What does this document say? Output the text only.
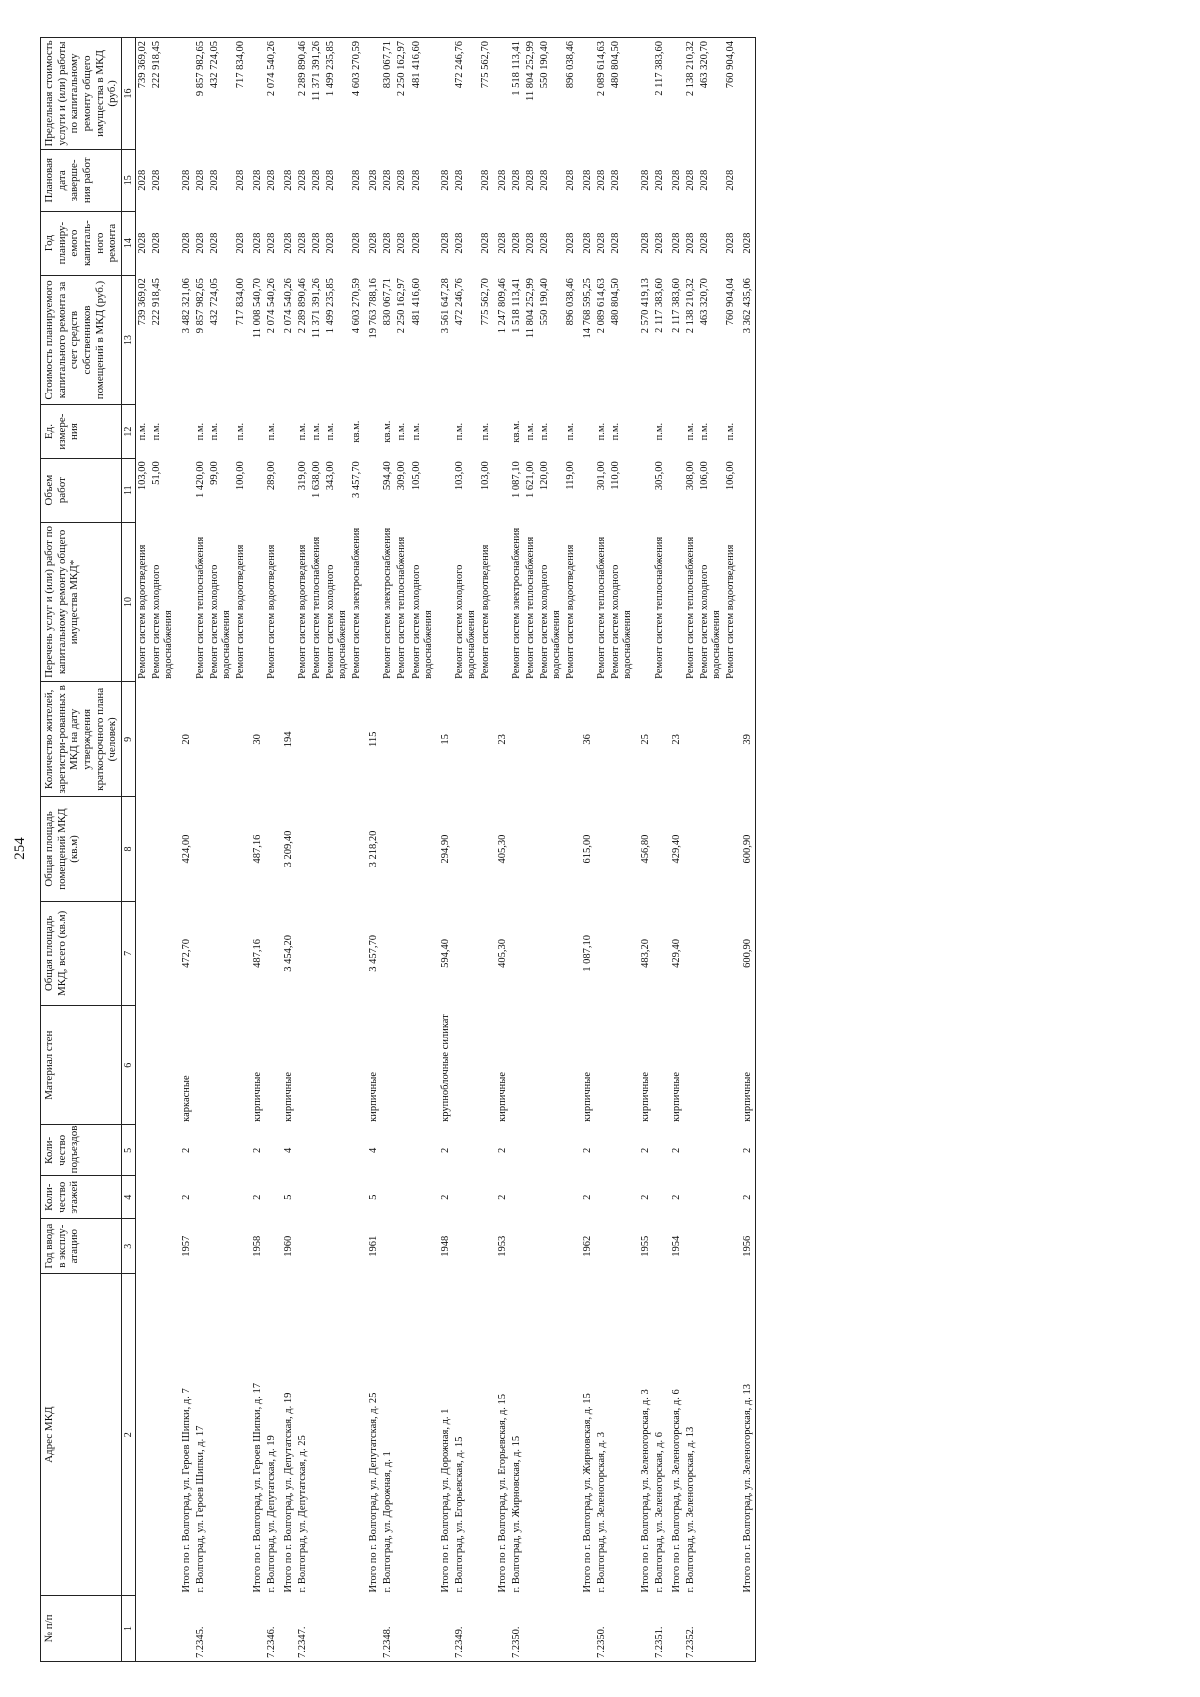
254
№ п/п	Адрес МКД	Год ввода в эксплу-атацию	Коли-чество этажей	Коли-чество подъездов	Материал стен	Общая площадь МКД, всего (кв.м)	Общая площадь помещений МКД (кв.м)	Количество жителей, зарегистри-рованных в МКД на дату утверждения краткосрочного плана (человек)	Перечень услуг и (или) работ по капитальному ремонту общего имущества МКД*	Объем работ	Ед. измере-ния	Стоимость планируемого капитального ремонта за счет средств собственников помещений в МКД (руб.)	Год планиру-емого капиталь-ного ремонта	Плановая дата заверше-ния работ	Предельная стоимость услуги и (или) работы по капитальному ремонту общего имущества в МКД (руб.)
1	2	3	4	5	6	7	8	9	10	11	12	13	14	15	16
									Ремонт систем водоотведения	103,00	п.м.	739 369,02	2028	2028	739 369,02
									Ремонт систем холодного водоснабжения	51,00	п.м.	222 918,45	2028	2028	222 918,45
	Итого по г. Волгоград, ул. Героев Шипки, д. 7	1957	2	2	каркасные	472,70	424,00	20				3 482 321,06	2028	2028	
7.2345.	г. Волгоград, ул. Героев Шипки, д. 17								Ремонт систем теплоснабжения	1 420,00	п.м.	9 857 982,65	2028	2028	9 857 982,65
									Ремонт систем холодного водоснабжения	99,00	п.м.	432 724,05	2028	2028	432 724,05
									Ремонт систем водоотведения	100,00	п.м.	717 834,00	2028	2028	717 834,00
	Итого по г. Волгоград, ул. Героев Шипки, д. 17	1958	2	2	кирпичные	487,16	487,16	30				11 008 540,70	2028	2028	
7.2346.	г. Волгоград, ул. Депутатская, д. 19								Ремонт систем водоотведения	289,00	п.м.	2 074 540,26	2028	2028	2 074 540,26
	Итого по г. Волгоград, ул. Депутатская, д. 19	1960	5	4	кирпичные	3 454,20	3 209,40	194				2 074 540,26	2028	2028	
7.2347.	г. Волгоград, ул. Депутатская, д. 25								Ремонт систем водоотведения	319,00	п.м.	2 289 890,46	2028	2028	2 289 890,46
									Ремонт систем теплоснабжения	1 638,00	п.м.	11 371 391,26	2028	2028	11 371 391,26
									Ремонт систем холодного водоснабжения	343,00	п.м.	1 499 235,85	2028	2028	1 499 235,85
									Ремонт систем электроснабжения	3 457,70	кв.м.	4 603 270,59	2028	2028	4 603 270,59
	Итого по г. Волгоград, ул. Депутатская, д. 25	1961	5	4	кирпичные	3 457,70	3 218,20	115				19 763 788,16	2028	2028	
7.2348.	г. Волгоград, ул. Дорожная, д. 1								Ремонт систем электроснабжения	594,40	кв.м.	830 067,71	2028	2028	830 067,71
									Ремонт систем теплоснабжения	309,00	п.м.	2 250 162,97	2028	2028	2 250 162,97
									Ремонт систем холодного водоснабжения	105,00	п.м.	481 416,60	2028	2028	481 416,60
	Итого по г. Волгоград, ул. Дорожная, д. 1	1948	2	2	крупноблочные силикат	594,40	294,90	15				3 561 647,28	2028	2028	
7.2349.	г. Волгоград, ул. Егорьевская, д. 15								Ремонт систем холодного водоснабжения	103,00	п.м.	472 246,76	2028	2028	472 246,76
									Ремонт систем водоотведения	103,00	п.м.	775 562,70	2028	2028	775 562,70
	Итого по г. Волгоград, ул. Егорьевская, д. 15	1953	2	2	кирпичные	405,30	405,30	23				1 247 809,46	2028	2028	
7.2350.	г. Волгоград, ул. Жирновская, д. 15								Ремонт систем электроснабжения	1 087,10	кв.м.	1 518 113,41	2028	2028	1 518 113,41
									Ремонт систем теплоснабжения	1 621,00	п.м.	11 804 252,99	2028	2028	11 804 252,99
									Ремонт систем холодного водоснабжения	120,00	п.м.	550 190,40	2028	2028	550 190,40
									Ремонт систем водоотведения	119,00	п.м.	896 038,46	2028	2028	896 038,46
	Итого по г. Волгоград, ул. Жирновская, д. 15	1962	2	2	кирпичные	1 087,10	615,00	36				14 768 595,25	2028	2028	
7.2350.	г. Волгоград, ул. Зеленогорская, д. 3								Ремонт систем теплоснабжения	301,00	п.м.	2 089 614,63	2028	2028	2 089 614,63
									Ремонт систем холодного водоснабжения	110,00	п.м.	480 804,50	2028	2028	480 804,50
	Итого по г. Волгоград, ул. Зеленогорская, д. 3	1955	2	2	кирпичные	483,20	456,80	25				2 570 419,13	2028	2028	
7.2351.	г. Волгоград, ул. Зеленогорская, д. 6								Ремонт систем теплоснабжения	305,00	п.м.	2 117 383,60	2028	2028	2 117 383,60
	Итого по г. Волгоград, ул. Зеленогорская, д. 6	1954	2	2	кирпичные	429,40	429,40	23				2 117 383,60	2028	2028	
7.2352.	г. Волгоград, ул. Зеленогорская, д. 13								Ремонт систем теплоснабжения	308,00	п.м.	2 138 210,32	2028	2028	2 138 210,32
									Ремонт систем холодного водоснабжения	106,00	п.м.	463 320,70	2028	2028	463 320,70
									Ремонт систем водоотведения	106,00	п.м.	760 904,04	2028	2028	760 904,04
	Итого по г. Волгоград, ул. Зеленогорская, д. 13	1956	2	2	кирпичные	600,90	600,90	39				3 362 435,06	2028		
